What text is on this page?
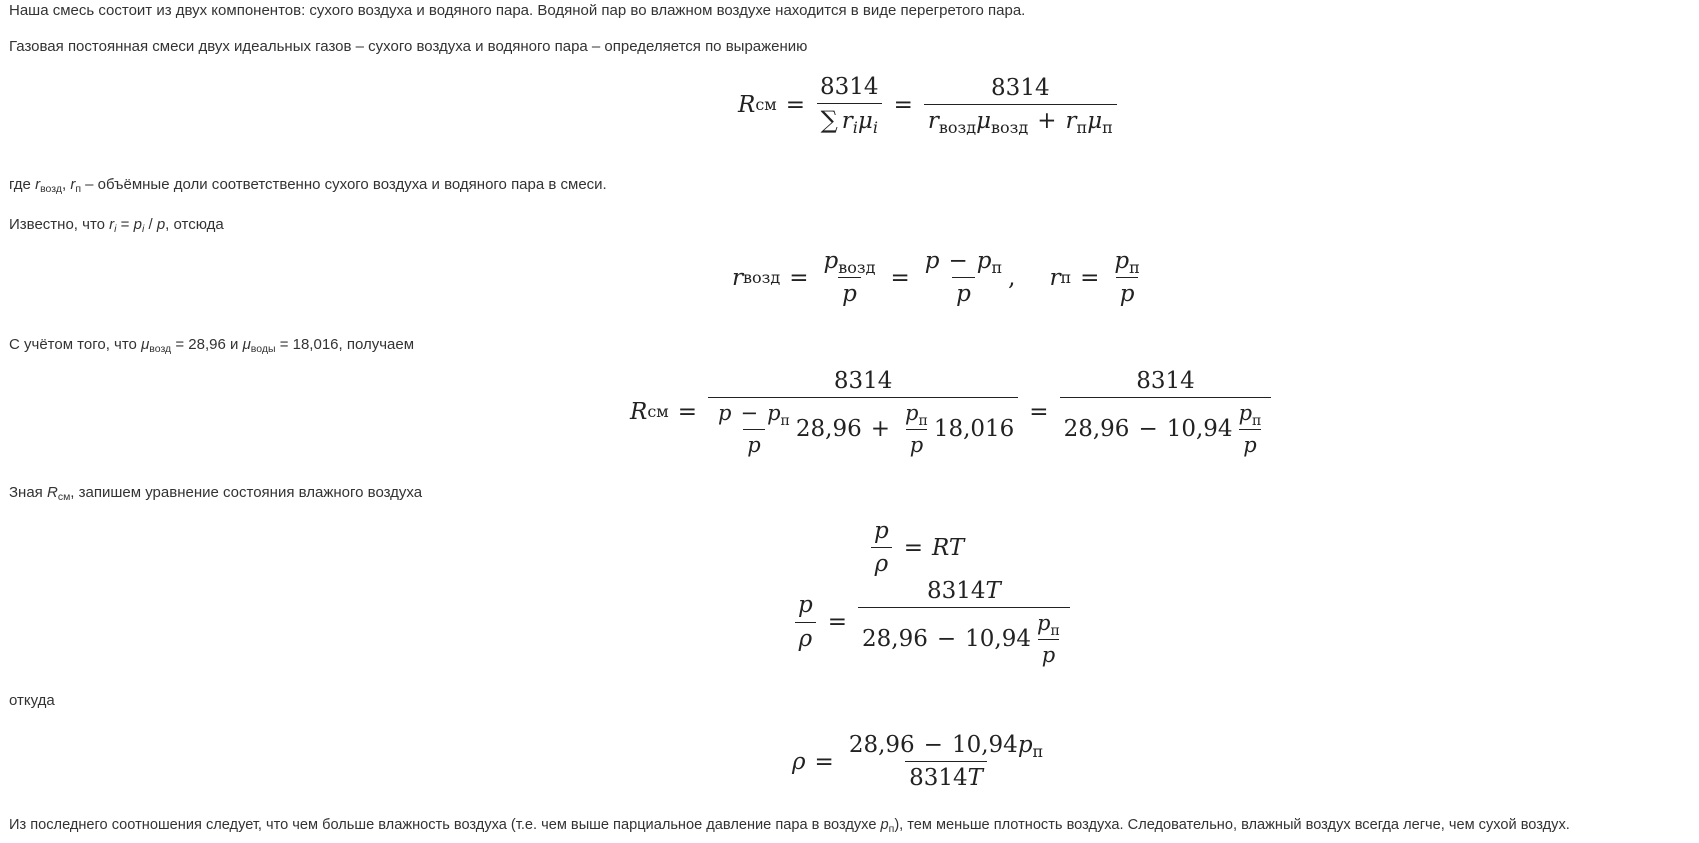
Наша смесь состоит из двух компонентов: сухого воздуха и водяного пара. Водяной пар во влажном воздухе находится в виде перегретого пара.

Газовая постоянная смеси двух идеальных газов – сухого воздуха и водяного пара – определяется по выражению

R см = $\frac{8314}{\sum r_i\mu_i} = \frac{8314}{r_{возд}\mu_{возд} + r_п\mu_п}$

где $r_{возд}$, $r_п$ – объёмные доли соответственно сухого воздуха и водяного пара в смеси.

Известно, что $r_i = p_i / p$, отсюда

r возд = $\frac{p_{возд}}{p} = \frac{p - p_п}{p}$ , r $п = \frac{p_п}{p}$

С учётом того, что $\mu_{возд} = 28,96$ и $\mu_{воды} = 18,016$, получаем

R см = $\frac{8314}{\frac{p - p_п}{p} 28,96 + \frac{p_п}{p} 18,016} = \frac{8314}{28,96 - 10,94 \frac{p_п}{p}}$

Зная $R_{см}$, запишем уравнение состояния влажного воздуха

$\frac{p}{\rho}$ = RT
$\frac{p}{\rho} = \frac{8314T}{28,96 - 10,94 \frac{p_п}{p}}$

откуда

$\rho = \frac{28,96 - 10,94p_п}{8314T}$

Из последнего соотношения следует, что чем больше влажность воздуха (т.е. чем выше парциальное давление пара в воздухе $p_п$), тем меньше плотность воздуха. Следовательно, влажный воздух всегда легче, чем сухой воздух.
